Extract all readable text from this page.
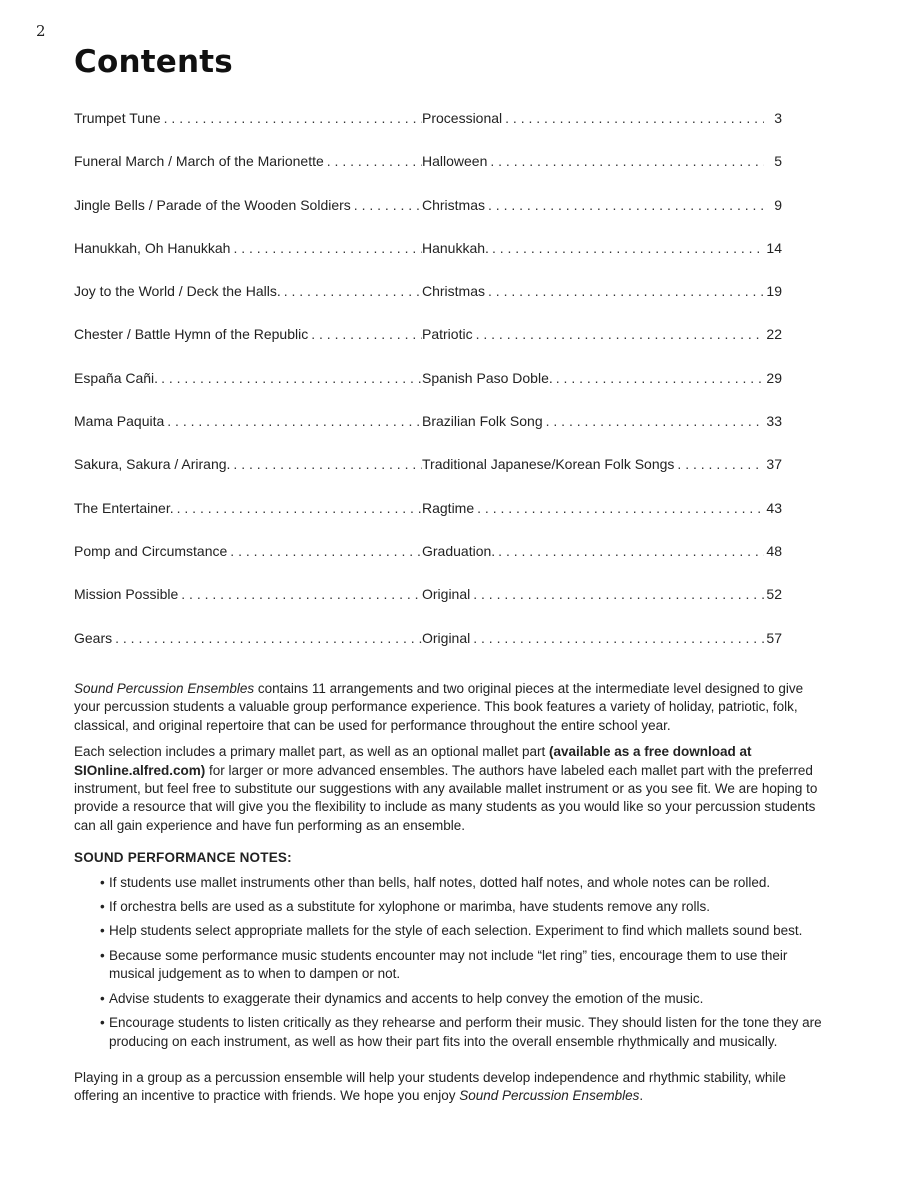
2
Contents
Trumpet Tune . . .	Processional . . .	3
Funeral March / March of the Marionette . . .	Halloween . . .	5
Jingle Bells / Parade of the Wooden Soldiers . . .	Christmas . . .	9
Hanukkah, Oh Hanukkah . . .	Hanukkah. . . .	14
Joy to the World / Deck the Halls. . . .	Christmas . . .	19
Chester / Battle Hymn of the Republic . . .	Patriotic . . .	22
España Cañi. . . .	Spanish Paso Doble. . . .	29
Mama Paquita . . .	Brazilian Folk Song . . .	33
Sakura, Sakura / Arirang. . . .	Traditional Japanese/Korean Folk Songs . . .	37
The Entertainer. . . .	Ragtime . . .	43
Pomp and Circumstance . . .	Graduation. . . .	48
Mission Possible . . .	Original . . .	52
Gears . . .	Original . . .	57

Sound Percussion Ensembles contains 11 arrangements and two original pieces at the intermediate level designed to give your percussion students a valuable group performance experience. This book features a variety of holiday, patriotic, folk, classical, and original repertoire that can be used for performance throughout the entire school year.

Each selection includes a primary mallet part, as well as an optional mallet part (available as a free download at SIOnline.alfred.com) for larger or more advanced ensembles. The authors have labeled each mallet part with the preferred instrument, but feel free to substitute our suggestions with any available mallet instrument or as you see fit. We are hoping to provide a resource that will give you the flexibility to include as many students as you would like so your percussion students can all gain experience and have fun performing as an ensemble.

SOUND PERFORMANCE NOTES:
• If students use mallet instruments other than bells, half notes, dotted half notes, and whole notes can be rolled.
• If orchestra bells are used as a substitute for xylophone or marimba, have students remove any rolls.
• Help students select appropriate mallets for the style of each selection. Experiment to find which mallets sound best.
• Because some performance music students encounter may not include “let ring” ties, encourage them to use their musical judgement as to when to dampen or not.
• Advise students to exaggerate their dynamics and accents to help convey the emotion of the music.
• Encourage students to listen critically as they rehearse and perform their music. They should listen for the tone they are producing on each instrument, as well as how their part fits into the overall ensemble rhythmically and musically.

Playing in a group as a percussion ensemble will help your students develop independence and rhythmic stability, while offering an incentive to practice with friends. We hope you enjoy Sound Percussion Ensembles.
